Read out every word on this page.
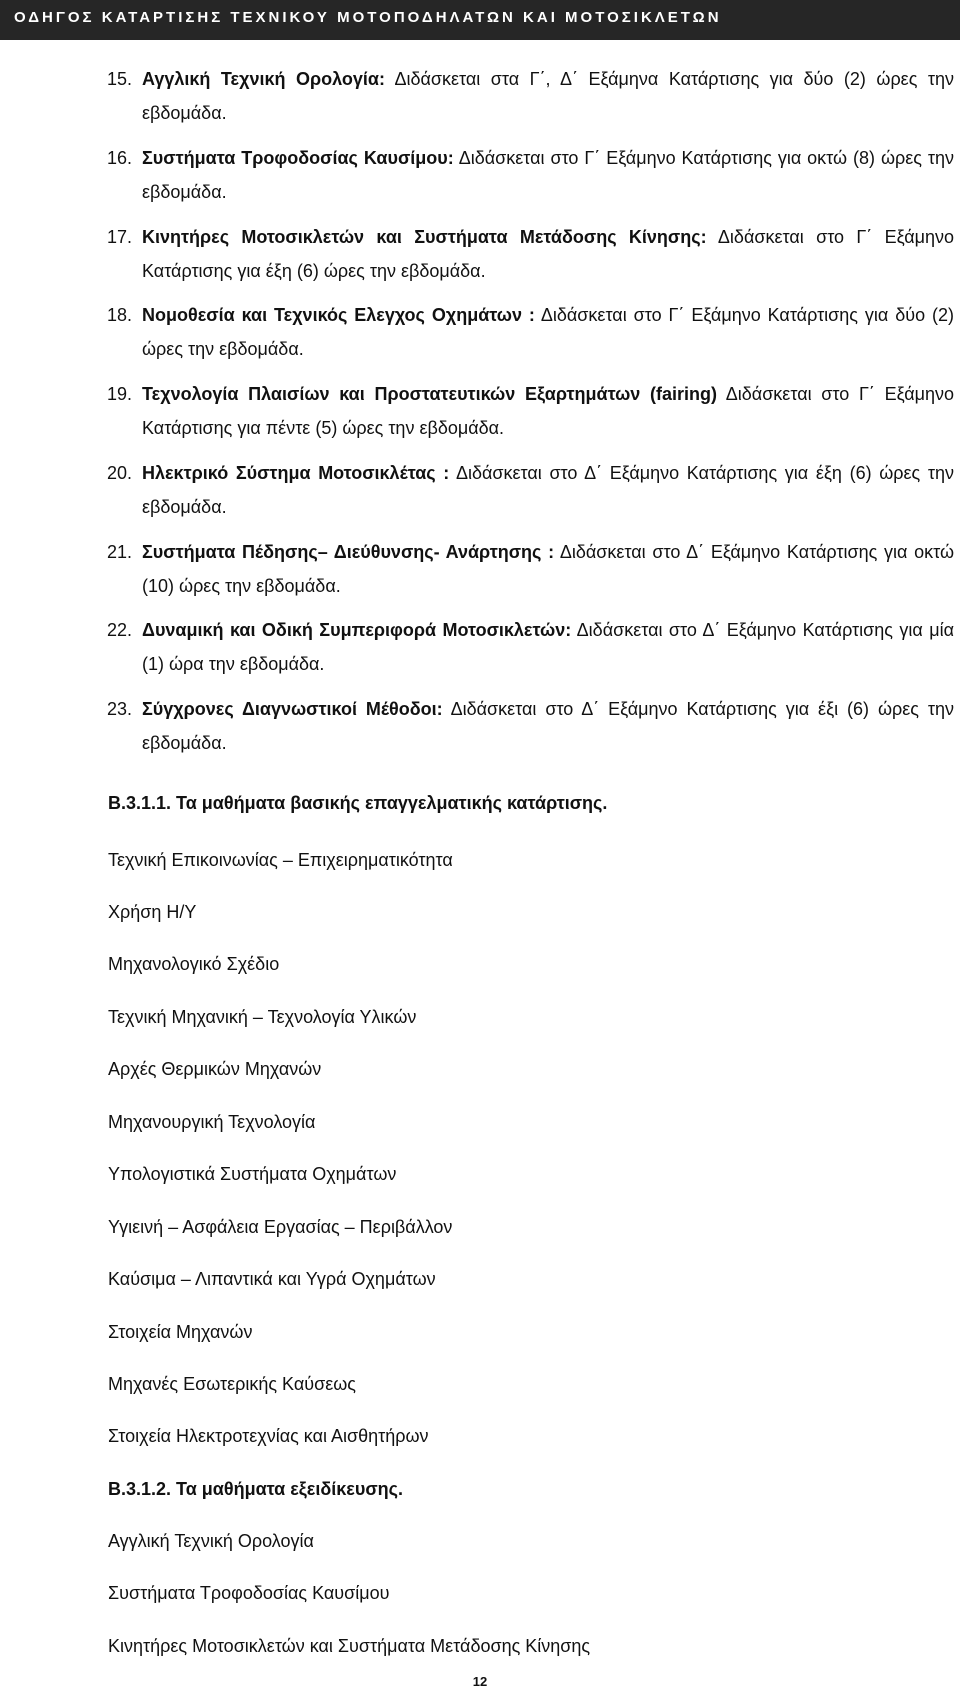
ΟΔΗΓΟΣ ΚΑΤΑΡΤΙΣΗΣ ΤΕΧΝΙΚΟΥ ΜΟΤΟΠΟΔΗΛΑΤΩΝ ΚΑΙ ΜΟΤΟΣΙΚΛΕΤΩΝ
15. Αγγλική Τεχνική Ορολογία: Διδάσκεται στα Γ΄, Δ΄ Εξάμηνα Κατάρτισης για δύο (2) ώρες την εβδομάδα.
16. Συστήματα Τροφοδοσίας Καυσίμου: Διδάσκεται στο Γ΄ Εξάμηνο Κατάρτισης για οκτώ (8) ώρες την εβδομάδα.
17. Κινητήρες Μοτοσικλετών και Συστήματα Μετάδοσης Κίνησης: Διδάσκεται στο Γ΄ Εξάμηνο Κατάρτισης για έξη (6) ώρες την εβδομάδα.
18. Νομοθεσία και Τεχνικός Ελεγχος Οχημάτων : Διδάσκεται στο Γ΄ Εξάμηνο Κατάρτισης για δύο (2) ώρες την εβδομάδα.
19. Τεχνολογία Πλαισίων και Προστατευτικών Εξαρτημάτων (fairing) Διδάσκεται στο Γ΄ Εξάμηνο Κατάρτισης για πέντε (5) ώρες την εβδομάδα.
20. Ηλεκτρικό Σύστημα Μοτοσικλέτας : Διδάσκεται στο Δ΄ Εξάμηνο Κατάρτισης για έξη (6) ώρες την εβδομάδα.
21. Συστήματα Πέδησης– Διεύθυνσης- Ανάρτησης : Διδάσκεται στο Δ΄ Εξάμηνο Κατάρτισης για οκτώ (10) ώρες την εβδομάδα.
22. Δυναμική και Οδική Συμπεριφορά Μοτοσικλετών: Διδάσκεται στο Δ΄ Εξάμηνο Κατάρτισης για μία (1) ώρα την εβδομάδα.
23. Σύγχρονες Διαγνωστικοί Μέθοδοι: Διδάσκεται στο Δ΄ Εξάμηνο Κατάρτισης για έξι (6) ώρες την εβδομάδα.
Β.3.1.1. Τα μαθήματα βασικής επαγγελματικής κατάρτισης.
Τεχνική Επικοινωνίας – Επιχειρηματικότητα
Χρήση Η/Υ
Μηχανολογικό Σχέδιο
Τεχνική Μηχανική – Τεχνολογία Υλικών
Αρχές Θερμικών Μηχανών
Μηχανουργική Τεχνολογία
Υπολογιστικά Συστήματα Οχημάτων
Υγιεινή – Ασφάλεια Εργασίας – Περιβάλλον
Καύσιμα – Λιπαντικά και Υγρά Οχημάτων
Στοιχεία Μηχανών
Μηχανές Εσωτερικής Καύσεως
Στοιχεία Ηλεκτροτεχνίας και Αισθητήρων
Β.3.1.2. Τα μαθήματα εξειδίκευσης.
Αγγλική Τεχνική Ορολογία
Συστήματα Τροφοδοσίας Καυσίμου
Κινητήρες Μοτοσικλετών και Συστήματα Μετάδοσης Κίνησης
12
